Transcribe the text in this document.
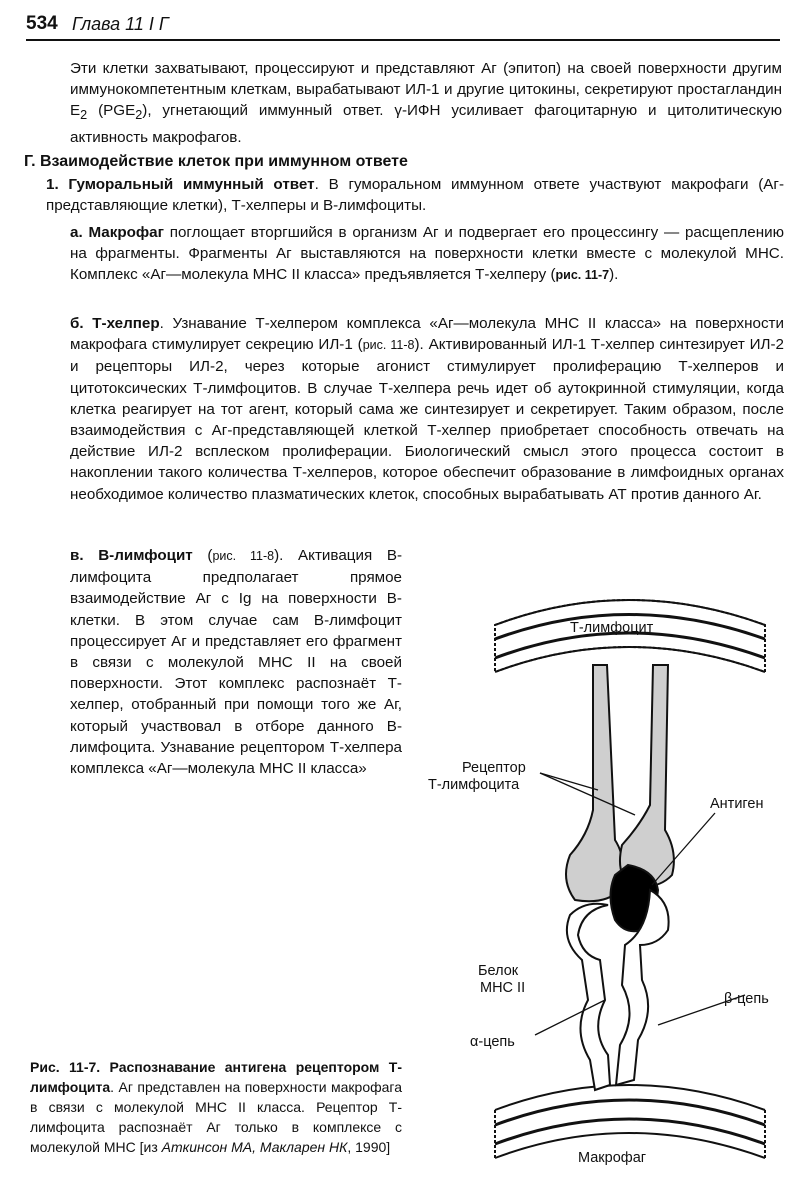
534 Глава 11 I Г
Эти клетки захватывают, процессируют и представляют Аг (эпитоп) на своей поверхности другим иммунокомпетентным клеткам, вырабатывают ИЛ-1 и другие цитокины, секретируют простагландин $E_2$ $(PGE_2)$, угнетающий иммунный ответ. γ-ИФН усиливает фагоцитарную и цитолитическую активность макрофагов.
Г. Взаимодействие клеток при иммунном ответе
1. Гуморальный иммунный ответ. В гуморальном иммунном ответе участвуют макрофаги (Аг-представляющие клетки), Т-хелперы и В-лимфоциты.
а. Макрофаг поглощает вторгшийся в организм Аг и подвергает его процессингу — расщеплению на фрагменты. Фрагменты Аг выставляются на поверхности клетки вместе с молекулой MHC. Комплекс «Аг—молекула MHC II класса» предъявляется Т-хелперу (рис. 11-7).
б. Т-хелпер. Узнавание Т-хелпером комплекса «Аг—молекула MHC II класса» на поверхности макрофага стимулирует секрецию ИЛ-1 (рис. 11-8). Активированный ИЛ-1 Т-хелпер синтезирует ИЛ-2 и рецепторы ИЛ-2, через которые агонист стимулирует пролиферацию Т-хелперов и цитотоксических Т-лимфоцитов. В случае Т-хелпера речь идет об аутокринной стимуляции, когда клетка реагирует на тот агент, который сама же синтезирует и секретирует. Таким образом, после взаимодействия с Аг-представляющей клеткой Т-хелпер приобретает способность отвечать на действие ИЛ-2 всплеском пролиферации. Биологический смысл этого процесса состоит в накоплении такого количества Т-хелперов, которое обеспечит образование в лимфоидных органах необходимое количество плазматических клеток, способных вырабатывать АТ против данного Аг.
в. В-лимфоцит (рис. 11-8). Активация В-лимфоцита предполагает прямое взаимодействие Аг с Ig на поверхности В-клетки. В этом случае сам В-лимфоцит процессирует Аг и представляет его фрагмент в связи с молекулой MHC II на своей поверхности. Этот комплекс распознаёт Т-хелпер, отобранный при помощи того же Аг, который участвовал в отборе данного В-лимфоцита. Узнавание рецептором Т-хелпера комплекса «Аг—молекула MHC II класса»
Рис. 11-7. Распознавание антигена рецептором Т-лимфоцита. Аг представлен на поверхности макрофага в связи с молекулой MHC II класса. Рецептор Т-лимфоцита распознаёт Аг только в комплексе с молекулой MHC [из Аткинсон МА, Макларен НК, 1990]
Т-лимфоцит
Рецептор
Т-лимфоцита
Антиген
Белок
MHC II
β-цепь
α-цепь
Макрофаг
